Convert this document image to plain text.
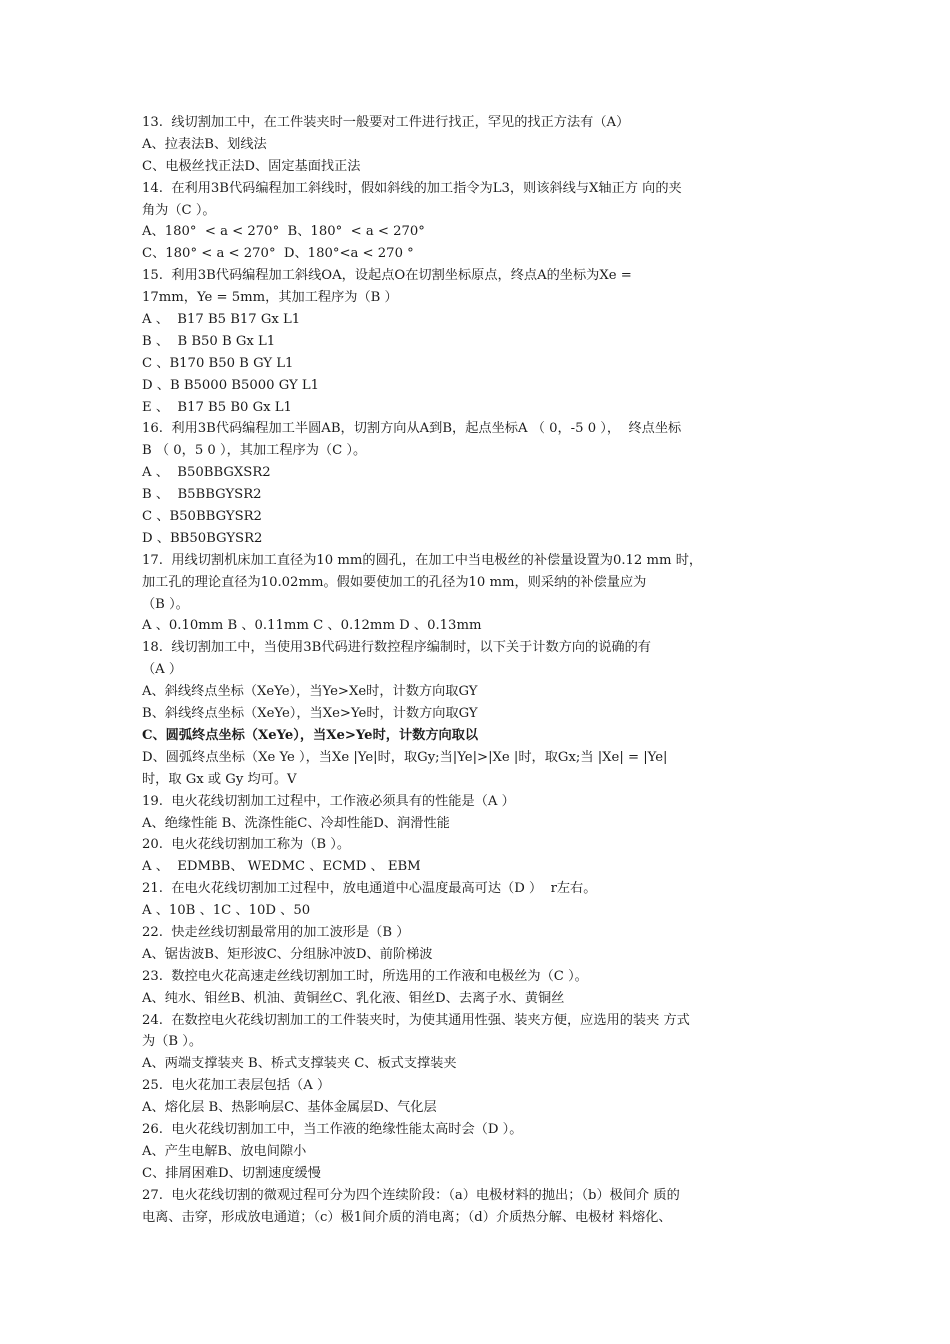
13.  线切割加工中，在工件装夹时一般要对工件进行找正，罕见的找正方法有（A）
A、拉表法B、划线法
C、电极丝找正法D、固定基面找正法
14.  在利用3B代码编程加工斜线时，假如斜线的加工指令为L3，则该斜线与X轴正方 向的夹
角为（C ）。
A、180°  < a < 270°  B、180°  < a < 270°
C、180° < a < 270°  D、180°<a < 270 °
15.  利用3B代码编程加工斜线OA，设起点O在切割坐标原点，终点A的坐标为Xe =
17mm，Ye = 5mm，其加工程序为（B ）
A 、  B17 B5 B17 Gx L1
B 、  B B50 B Gx L1
C 、B170 B50 B GY L1
D 、B B5000 B5000 GY L1
E 、  B17 B5 B0 Gx L1
16.  利用3B代码编程加工半圆AB，切割方向从A到B，起点坐标A （ 0，-5 0 ），  终点坐标
B （ 0，5 0 ），其加工程序为（C ）。
A 、  B50BBGXSR2
B 、  B5BBGYSR2
C 、B50BBGYSR2
D 、BB50BGYSR2
17.  用线切割机床加工直径为10 mm的圆孔，在加工中当电极丝的补偿量设置为0.12 mm 时，
加工孔的理论直径为10.02mm。假如要使加工的孔径为10 mm，则采纳的补偿量应为
（B ）。
A 、0.10mm B 、0.11mm C 、0.12mm D 、0.13mm
18.  线切割加工中，当使用3B代码进行数控程序编制时，以下关于计数方向的说确的有
（A ）
A、斜线终点坐标（XeYe），当Ye>Xe时，计数方向取GY
B、斜线终点坐标（XeYe），当Xe>Ye时，计数方向取GY
C、圆弧终点坐标（XeYe），当Xe>Ye时，计数方向取以
D、圆弧终点坐标（Xe Ye ），当Xe |Ye|时，取Gy;当|Ye|>|Xe |时，取Gx;当 |Xe| = |Ye|
时，取 Gx 或 Gy 均可。V
19.  电火花线切割加工过程中，工作液必须具有的性能是（A ）
A、绝缘性能 B、洗涤性能C、冷却性能D、润滑性能
20.  电火花线切割加工称为（B ）。
A 、  EDMBB、 WEDMC 、ECMD 、 EBM
21.  在电火花线切割加工过程中，放电通道中心温度最高可达（D ）  r左右。
A 、10B 、1C 、10D 、50
22.  快走丝线切割最常用的加工波形是（B ）
A、锯齿波B、矩形波C、分组脉冲波D、前阶梯波
23.  数控电火花高速走丝线切割加工时，所选用的工作液和电极丝为（C ）。
A、纯水、钼丝B、机油、黄铜丝C、乳化液、钼丝D、去离子水、黄铜丝
24.  在数控电火花线切割加工的工件装夹时，为使其通用性强、装夹方便，应选用的装夹 方式
为（B ）。
A、两端支撑装夹 B、桥式支撑装夹 C、板式支撑装夹
25.  电火花加工表层包括（A ）
A、熔化层 B、热影响层C、基体金属层D、气化层
26.  电火花线切割加工中，当工作液的绝缘性能太高时会（D ）。
A、产生电解B、放电间隙小
C、排屑困难D、切割速度缓慢
27.  电火花线切割的微观过程可分为四个连续阶段：（a）电极材料的抛出；（b）极间介 质的
电离、击穿，形成放电通道；（c）极1间介质的消电离；（d）介质热分解、电极材 料熔化、
